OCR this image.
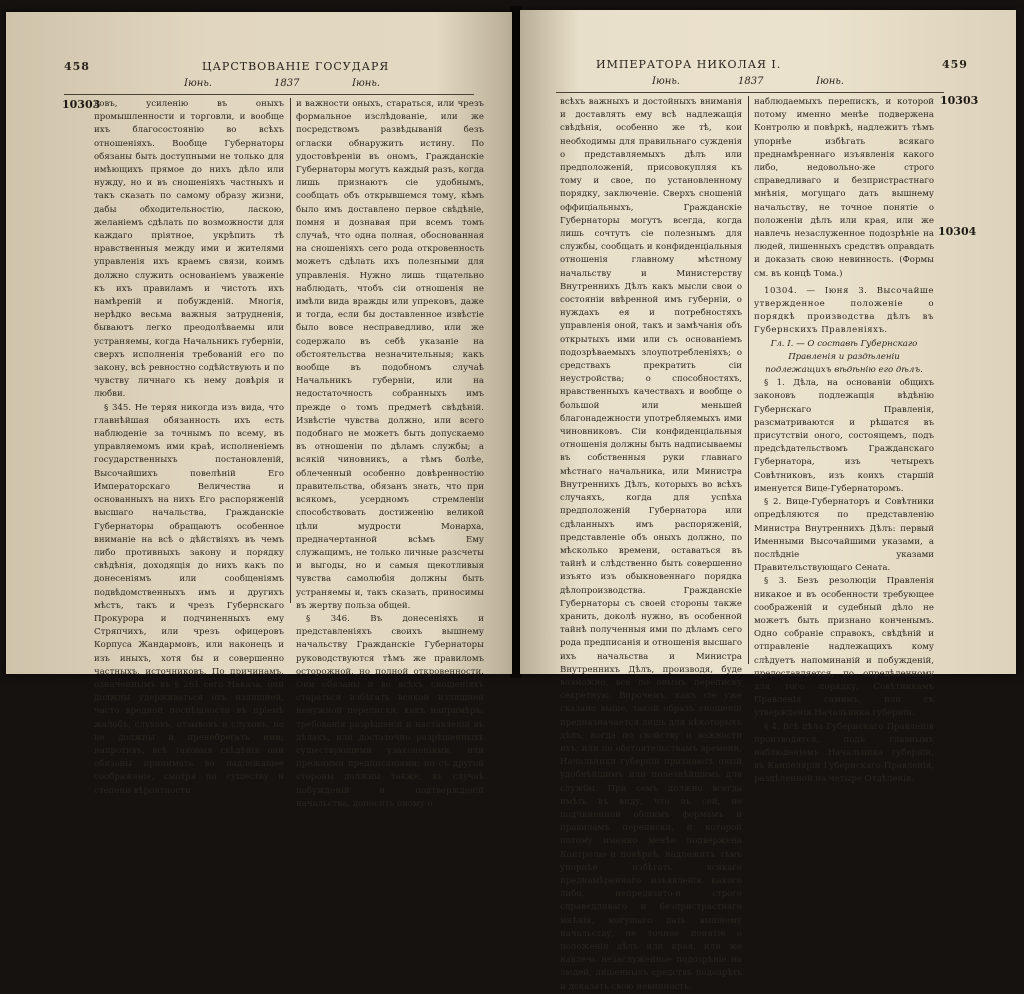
458	ЦАРСТВОВАНІЕ ГОСУДАРЯ
Іюнь.	1837	Іюнь.
10303

довъ, усиленію въ оныхъ промышленности и торговли, и вообще ихъ благосостоянію во всѣхъ отношеніяхъ. Вообще Губернаторы обязаны быть доступными не только для имѣющихъ прямое до нихъ дѣло или нужду, но и въ сношеніяхъ частныхъ и такъ сказать по самому образу жизни, дабы обходительностію, ласкою, желаніемъ сдѣлать по возможности для каждаго пріятное, укрѣпить тѣ нравственныя между ими и жителями управленія ихъ краемъ связи, коимъ должно служить основаніемъ уваженіе къ ихъ правиламъ и чистоть ихъ намѣреній и побужденій. Многія, нерѣдко весьма важныя затрудненія, бываютъ легко преодолѣваемы или устраняемы, когда Начальникъ губерніи, сверхъ исполненія требованій его по закону, всѣ ревностно содѣйствують и по чувству личнаго къ нему довѣрія и любви.

§ 345. Не теряя никогда изъ вида, что главнѣйшая обязанность ихъ есть наблюденіе за точнымъ по всему, въ управляемомъ ими краѣ, исполненіемъ государственныхъ постановленій, Высочайшихъ повелѣній Его Императорскаго Величества и основанныхъ на нихъ Его распоряженій высшаго начальства, Гражданскіе Губернаторы обращаютъ особенное вниманіе на всѣ о дѣйствіяхъ въ чемъ либо противныхъ закону и порядку свѣдѣнія, доходящія до нихъ какъ по донесеніямъ или сообщеніямъ подвѣдомственныхъ имъ и другихъ мѣстъ, такъ и чрезъ Губернскаго Прокурора и подчиненныхъ ему Стряпчихъ, или чрезъ офицеровъ Корпуса Жандармовъ, или наконецъ и изъ иныхъ, хотя бы и совершенно частныхъ, источниковъ. По причинамъ, означеннымъ въ § 261 сего Наказа, они должны удерживаться отъ излишней, часто вредной поспѣшности въ пріемѣ жалобъ, слуховъ, отзывовъ и слуховъ, но не должны и пренебрегать ими; напротивъ, всѣ таковыя свѣдѣнія они обязаны принимать во надлежащее соображеніе, смотря по существу и степени вѣроятности

и важности оныхъ, стараться, или чрезъ формальное изслѣдованіе, или же посредствомъ развѣдываній безъ огласки обнаружить истину. По удостовѣреніи въ ономъ, Гражданскіе Губернаторы могутъ каждый разъ, когда лишь признаютъ сіе удобнымъ, сообщать объ открывшемся тому, кѣмъ было имъ доставлено первое свѣдѣніе, помня и дознавая при всемъ томъ случаѣ, что одна полная, обоснованная на сношеніяхъ сего рода откровенность можетъ сдѣлать ихъ полезными для управленія. Нужно лишь тщательно наблюдать, чтобъ сіи отношенія не имѣли вида вражды или упрековъ, даже и тогда, если бы доставленное извѣстіе было вовсе несправедливо, или же содержало въ себѣ указаніе на обстоятельства незначительныя; какъ вообще въ подобномъ случаѣ Начальникъ губерніи, или на недостаточность собранныхъ имъ прежде о томъ предметѣ свѣдѣній. Извѣстіе чувства должно, или всего подобнаго не можетъ быть допускаемо въ отношеніи по дѣламъ службы; а всякій чиновникъ, а тѣмъ болѣе, облеченный особенно довѣренностію правительства, обязанъ знать, что при всякомъ, усердномъ стремленіи способствовать достиженію великой цѣли мудрости Монарха, предначертанной всѣмъ Ему служащимъ, не только личные разсчеты и выгоды, но и самыя щекотливыя чувства самолюбія должны быть устраняемы и, такъ сказать, приносимы въ жертву польза общей.

§ 346. Въ донесеніяхъ и представленіяхъ своихъ вышнему начальству Гражданскіе Губернаторы руководствуются тѣмъ же правиломъ осторожной, но полной откровенности. Они обязаны и во всѣхъ сношеніяхъ стараться избѣгать всякой излишней ненужной переписки, какъ напримѣръ: требованія разрѣшеній и наставленій въ дѣлахъ, или достаточно разрѣшенныхъ существующими узаконеніями, или прежними предписаніями; но съ другой стороны должны также, въ случаѣ побужденій и подтвержденій начальства, доносить оному о

ИМПЕРАТОРА НИКОЛАЯ I.	459
Іюнь.	1837	Іюнь.
10303

всѣхъ важныхъ и достойныхъ вниманія и доставлять ему всѣ надлежащія свѣдѣнія, особенно же тѣ, кои необходимы для правильнаго сужденія о представляемыхъ дѣлъ или предположеній, присовокупляя къ тому и свое, по установленному порядку, заключеніе. Сверхъ сношеній оффиціальныхъ, Гражданскіе Губернаторы могутъ всегда, когда лишь сочтутъ сіе полезнымъ для службы, сообщать и конфиденціальныя отношенія главному мѣстному начальству и Министерству Внутреннихъ Дѣлъ какъ мысли свои о состояніи ввѣренной имъ губерніи, о нуждахъ ея и потребностяхъ управленія оной, такъ и замѣчанія объ открытыхъ ими или съ основаніемъ подозрѣваемыхъ злоупотребленіяхъ; о средствахъ прекратить сіи неустройства; о способностяхъ, нравственныхъ качествахъ и вообще о большой или меньшей благонадежности употребляемыхъ ими чиновниковъ. Сіи конфиденціальныя отношенія должны быть надписываемы въ собственныя руки главнаго мѣстнаго начальника, или Министра Внутреннихъ Дѣлъ, которыхъ во всѣхъ случаяхъ, когда для успѣха предположеній Губернатора или сдѣланныхъ имъ распоряженій, представленіе объ оныхъ должно, по мѣсколько времени, оставаться въ тайнѣ и слѣдственно быть совершенно изъято изъ обыкновеннаго порядка дѣлопроизводства. Гражданскіе Губернаторы съ своей стороны также хранить, доколѣ нужно, въ особенной тайнѣ полученныя ими по дѣламъ сего рода предписанія и отношенія высшаго ихъ начальства и Министра Внутреннихъ Дѣлъ, производя, буде возможно, все по онымъ переписку секретную. Впрочемъ, какъ сіе уже сказано выше, такой образъ сношеній предназначается лишь для нѣкоторыхъ дѣлъ, когда по свойству и важности ихъ, или по обстоятельствамъ времени, Начальники губерній признаютъ оный удобнѣйшимъ или полезнѣйшимъ для службы. При семъ должно всегда имѣть въ виду, что въ сей, не подчиненной общимъ формамъ и правиламъ переписки, и которой потому именно менѣе подвержена Контролю и повѣркѣ, надлежитъ тѣмъ упорнѣе избѣгать всякаго преднамѣреннаго изъявленія какого либо, непредвзято-и строго справедливаго и безпристрастнаго мнѣнія, могущаго дать вышнему начальству, не точное понятіе о положеніи дѣлъ или края, или же навлечь незаслуженное подозрѣніе на людей, лишенныхъ средствъ подозрѣть и доказать свою невинность.

наблюдаемыхъ перепискъ, и которой потому именно менѣе подвержена Контролю и повѣркѣ, надлежитъ тѣмъ упорнѣе избѣгать всякаго преднамѣреннаго изъявленія какого либо, недовольно-же строго справедливаго и безпристрастнаго мнѣнія, могущаго дать вышнему начальству, не точное понятіе о положеніи дѣлъ или края, или же навлечь незаслуженное подозрѣніе на людей, лишенныхъ средствъ оправдать и доказать свою невинность. (Формы см. въ концѣ Тома.)

10304. — Іюня 3. Высочайше утвержденное положеніе о порядкѣ производства дѣлъ въ Губернскихъ Правленіяхъ.

Гл. І. — О составѣ Губернскаго Правленія и раздѣленіи подлежащихъ вѣдѣнію его дѣлъ.

§ 1. Дѣла, на основаніи общихъ законовъ подлежащія вѣдѣнію Губернскаго Правленія, разсматриваются и рѣшатся въ присутствіи оного, состоящемъ, подъ предсѣдательствомъ Гражданскаго Губернатора, изъ четырехъ Совѣтниковъ, изъ коихъ старшій именуется Вице-Губернаторомъ.

§ 2. Вице-Губернаторъ и Совѣтники опредѣляются по представленію Министра Внутреннихъ Дѣлъ: первый Именными Высочайшими указами, а послѣдніе указами Правительствующаго Сената.

§ 3. Безъ резолюціи Правленія никакое и въ особенности требующее соображеній и судебный дѣло не можетъ быть признано конченымъ. Одно собраніе справокъ, свѣдѣній и отправленіе надлежащихъ кому слѣдуетъ напоминаній и побужденій, предоставляется, по опредѣленному для того порядку, Совѣтникамъ Правленія самимъ, или съ утвержденія Начальника губерніи.

§ 4. Всѣ дѣла Губернскаго Правленія производятся, подъ главнымъ наблюденіемъ Начальника губерніи, въ Канцеляріи Губернскаго Правленія, раздѣленной на четыре Отдѣленія.

10304
